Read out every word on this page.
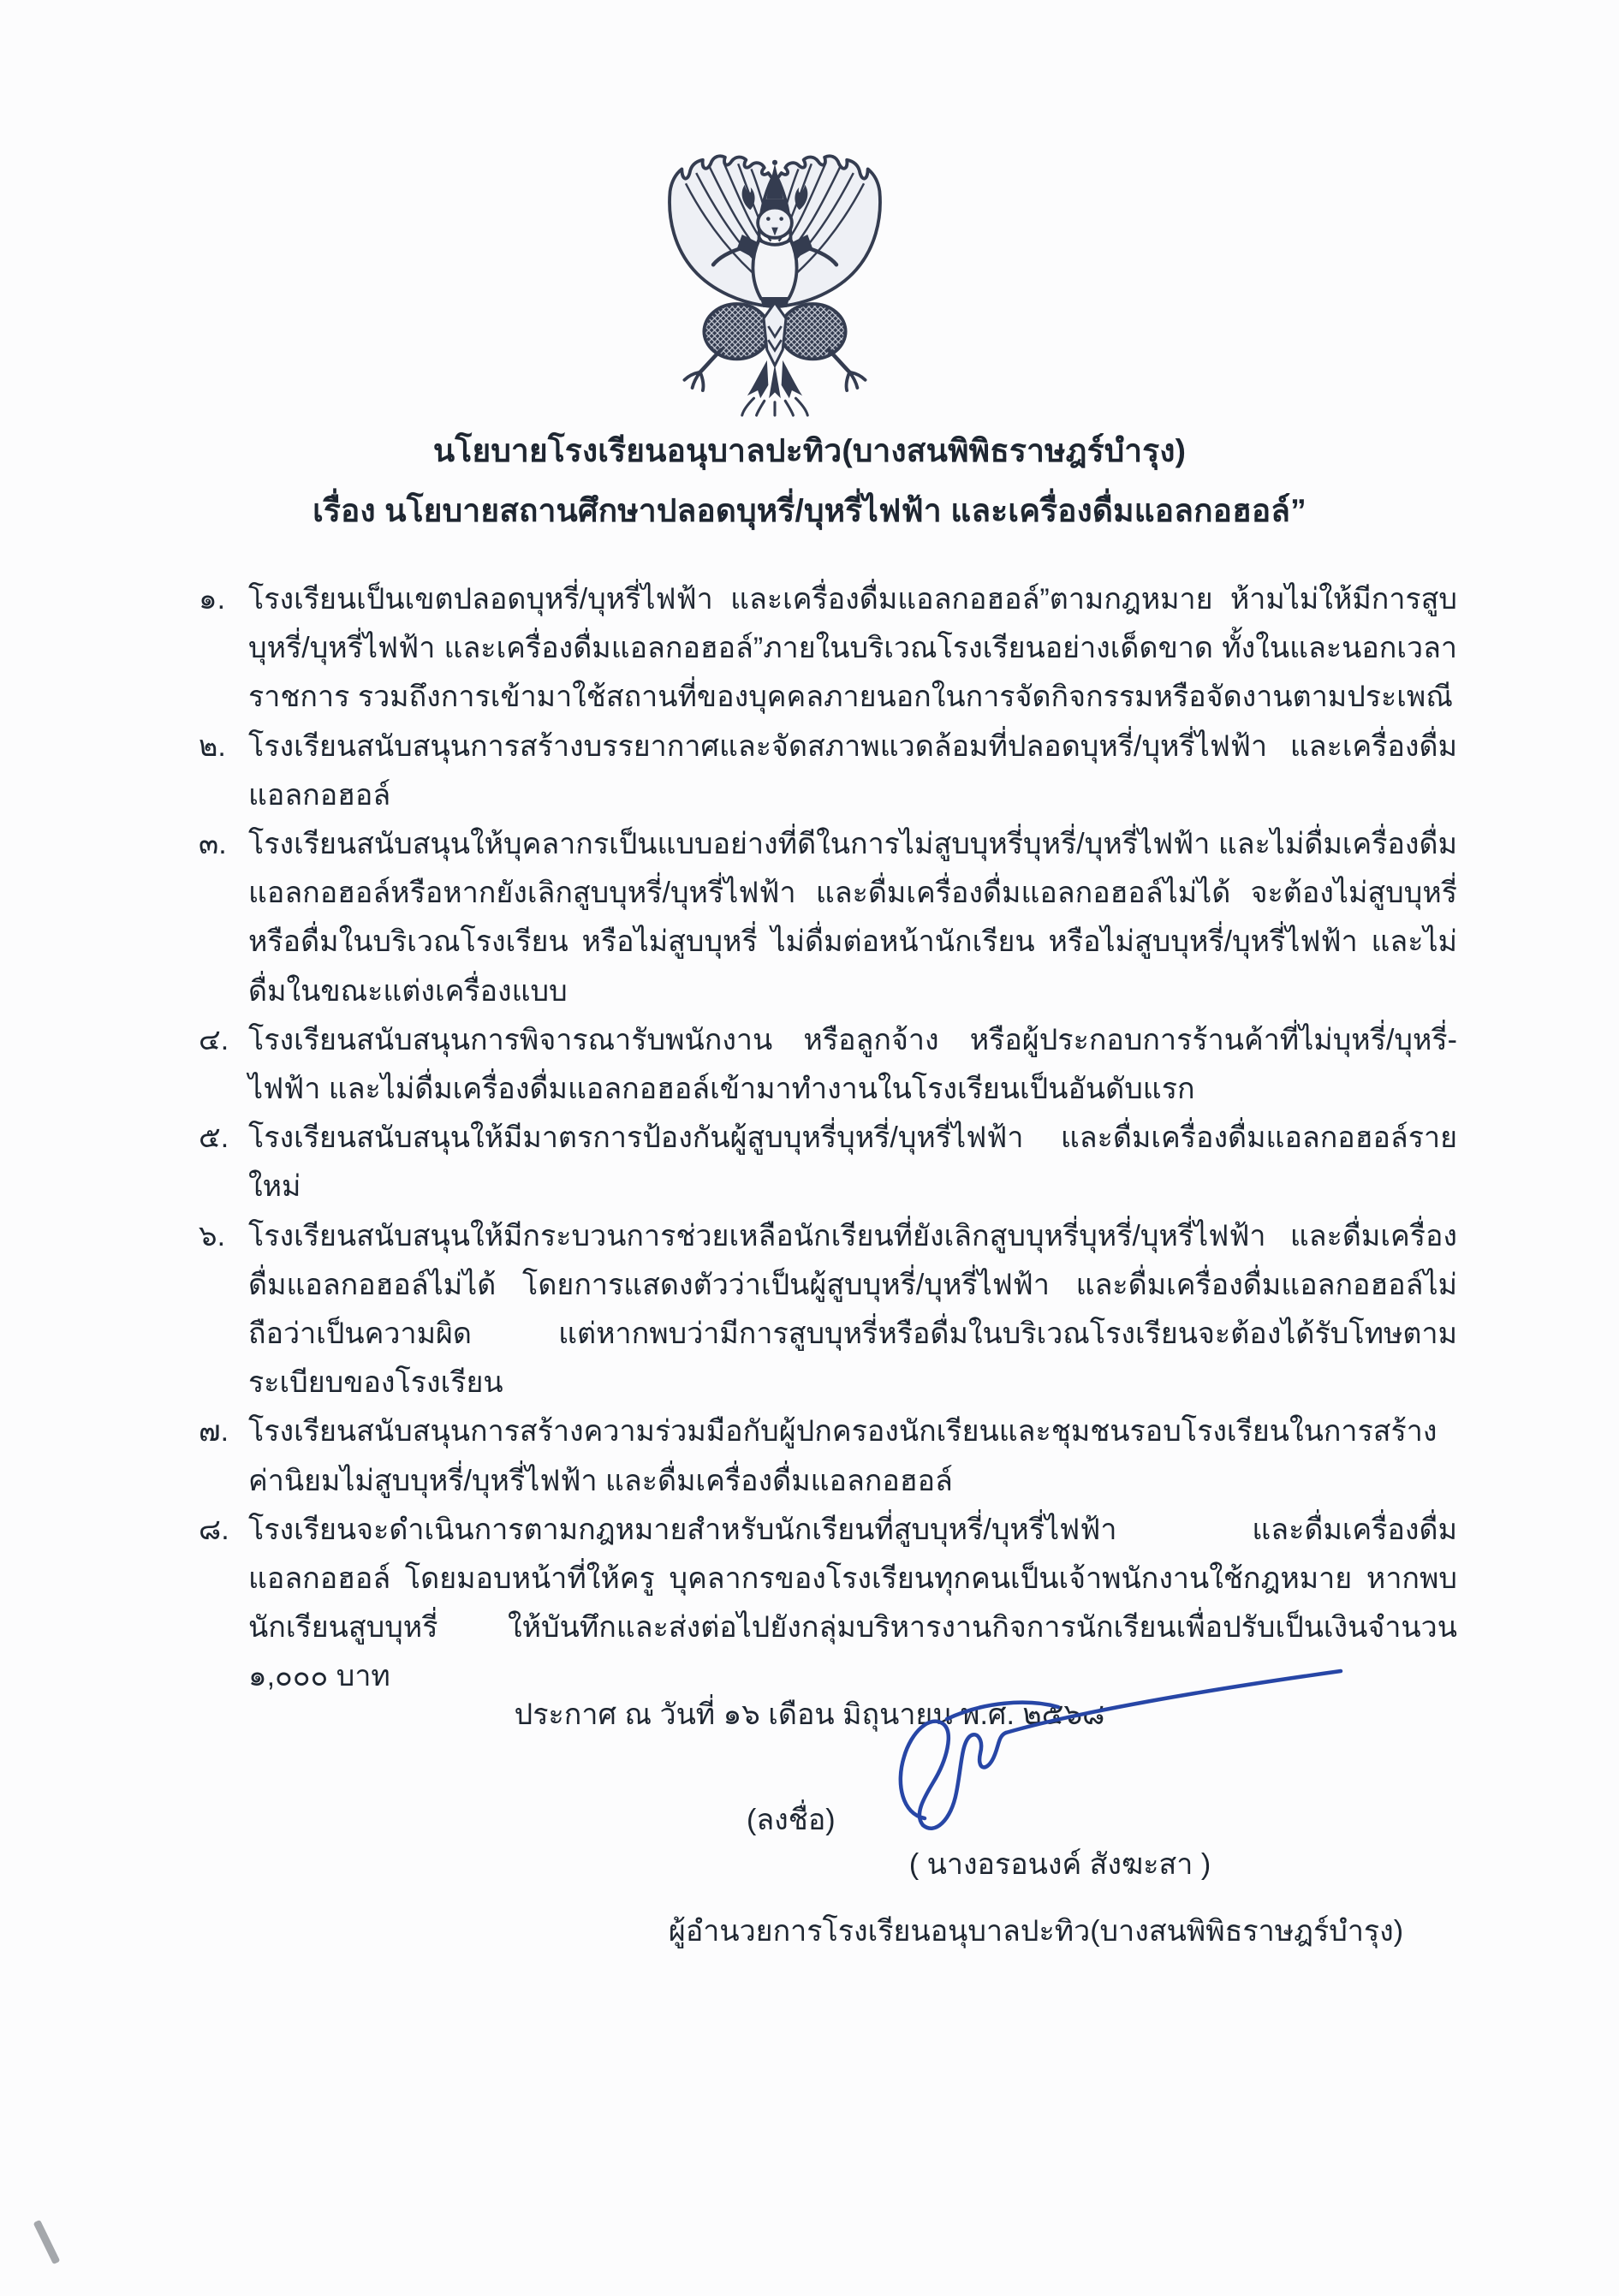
นโยบายโรงเรียนอนุบาลปะทิว(บางสนพิพิธราษฎร์บำรุง)
เรื่อง นโยบายสถานศึกษาปลอดบุหรี่/บุหรี่ไฟฟ้า และเครื่องดื่มแอลกอฮอล์”
๑. โรงเรียนเป็นเขตปลอดบุหรี่/บุหรี่ไฟฟ้า และเครื่องดื่มแอลกอฮอล์”ตามกฎหมาย ห้ามไม่ให้มีการสูบบุหรี่/บุหรี่ไฟฟ้า และเครื่องดื่มแอลกอฮอล์”ภายในบริเวณโรงเรียนอย่างเด็ดขาด ทั้งในและนอกเวลาราชการ รวมถึงการเข้ามาใช้สถานที่ของบุคคลภายนอกในการจัดกิจกรรมหรือจัดงานตามประเพณี
๒. โรงเรียนสนับสนุนการสร้างบรรยากาศและจัดสภาพแวดล้อมที่ปลอดบุหรี่/บุหรี่ไฟฟ้า และเครื่องดื่มแอลกอฮอล์
๓. โรงเรียนสนับสนุนให้บุคลากรเป็นแบบอย่างที่ดีในการไม่สูบบุหรี่บุหรี่/บุหรี่ไฟฟ้า และไม่ดื่มเครื่องดื่มแอลกอฮอล์หรือหากยังเลิกสูบบุหรี่/บุหรี่ไฟฟ้า และดื่มเครื่องดื่มแอลกอฮอล์ไม่ได้ จะต้องไม่สูบบุหรี่หรือดื่มในบริเวณโรงเรียน หรือไม่สูบบุหรี่ ไม่ดื่มต่อหน้านักเรียน หรือไม่สูบบุหรี่/บุหรี่ไฟฟ้า และไม่ดื่มในขณะแต่งเครื่องแบบ
๔. โรงเรียนสนับสนุนการพิจารณารับพนักงาน หรือลูกจ้าง หรือผู้ประกอบการร้านค้าที่ไม่บุหรี่/บุหรี่-ไฟฟ้า และไม่ดื่มเครื่องดื่มแอลกอฮอล์เข้ามาทำงานในโรงเรียนเป็นอันดับแรก
๕. โรงเรียนสนับสนุนให้มีมาตรการป้องกันผู้สูบบุหรี่บุหรี่/บุหรี่ไฟฟ้า และดื่มเครื่องดื่มแอลกอฮอล์รายใหม่
๖. โรงเรียนสนับสนุนให้มีกระบวนการช่วยเหลือนักเรียนที่ยังเลิกสูบบุหรี่บุหรี่/บุหรี่ไฟฟ้า และดื่มเครื่องดื่มแอลกอฮอล์ไม่ได้ โดยการแสดงตัวว่าเป็นผู้สูบบุหรี่/บุหรี่ไฟฟ้า และดื่มเครื่องดื่มแอลกอฮอล์ไม่ถือว่าเป็นความผิด แต่หากพบว่ามีการสูบบุหรี่หรือดื่มในบริเวณโรงเรียนจะต้องได้รับโทษตามระเบียบของโรงเรียน
๗. โรงเรียนสนับสนุนการสร้างความร่วมมือกับผู้ปกครองนักเรียนและชุมชนรอบโรงเรียนในการสร้างค่านิยมไม่สูบบุหรี่/บุหรี่ไฟฟ้า และดื่มเครื่องดื่มแอลกอฮอล์
๘. โรงเรียนจะดำเนินการตามกฎหมายสำหรับนักเรียนที่สูบบุหรี่/บุหรี่ไฟฟ้า และดื่มเครื่องดื่มแอลกอฮอล์ โดยมอบหน้าที่ให้ครู บุคลากรของโรงเรียนทุกคนเป็นเจ้าพนักงานใช้กฎหมาย หากพบนักเรียนสูบบุหรี่ ให้บันทึกและส่งต่อไปยังกลุ่มบริหารงานกิจการนักเรียนเพื่อปรับเป็นเงินจำนวน ๑,๐๐๐ บาท
ประกาศ ณ วันที่ ๑๖ เดือน มิถุนายน พ.ศ. ๒๕๖๘
(ลงชื่อ)
( นางอรอนงค์ สังฆะสา )
ผู้อำนวยการโรงเรียนอนุบาลปะทิว(บางสนพิพิธราษฎร์บำรุง)
